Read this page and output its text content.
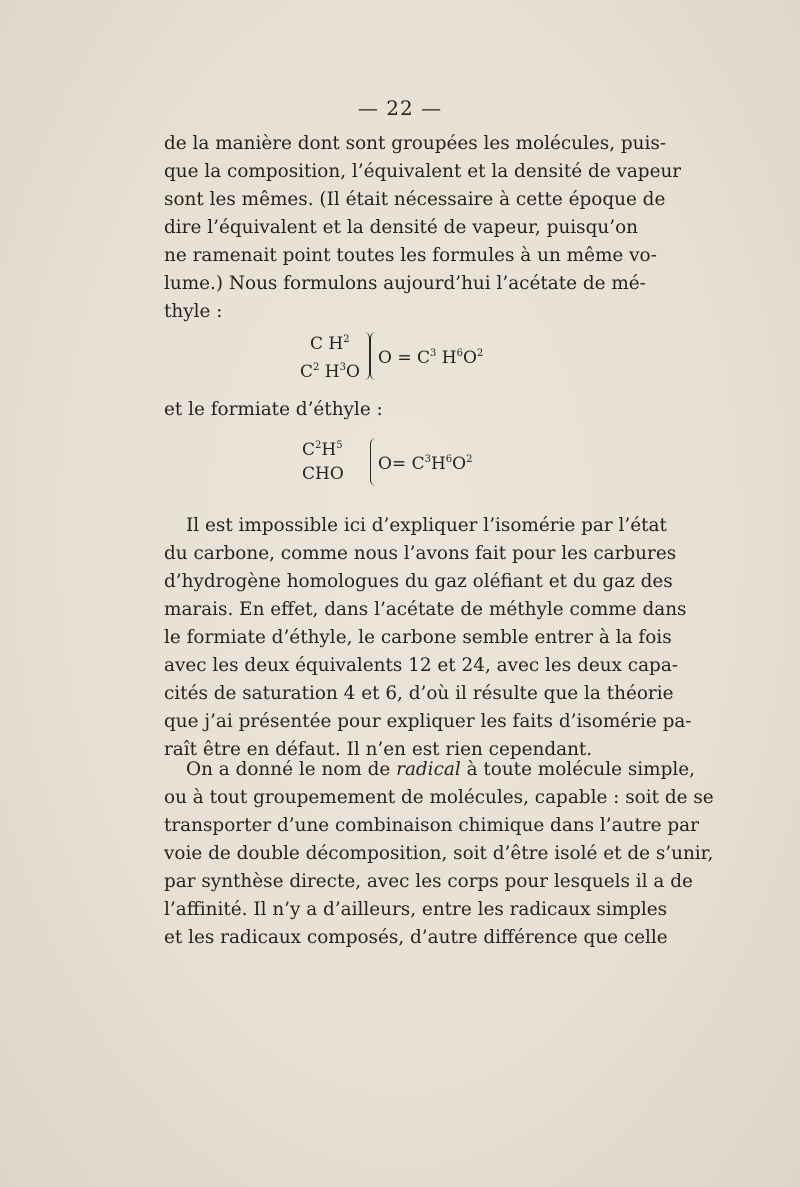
— 22 —
de la manière dont sont groupées les molécules, puis-
que la composition, l’équivalent et la densité de vapeur
sont les mêmes. (Il était nécessaire à cette époque de
dire l’équivalent et la densité de vapeur, puisqu’on
ne ramenait point toutes les formules à un même vo-
lume.) Nous formulons aujourd’hui l’acétate de mé-
thyle :
C $H^2$
$C^2$ $H^3O$
$O = C^3$ $H^6O^2$
et le formiate d’éthyle :
$C^2H^5$
CHO $O= C^3H^6O^2$
Il est impossible ici d’expliquer l’isomérie par l’état
du carbone, comme nous l’avons fait pour les carbures
d’hydrogène homologues du gaz oléfiant et du gaz des
marais. En effet, dans l’acétate de méthyle comme dans
le formiate d’éthyle, le carbone semble entrer à la fois
avec les deux équivalents 12 et 24, avec les deux capa-
cités de saturation 4 et 6, d’où il résulte que la théorie
que j’ai présentée pour expliquer les faits d’isomérie pa-
raît être en défaut. Il n’en est rien cependant.
On a donné le nom de radical à toute molécule simple,
ou à tout groupemement de molécules, capable : soit de se
transporter d’une combinaison chimique dans l’autre par
voie de double décomposition, soit d’être isolé et de s’unir,
par synthèse directe, avec les corps pour lesquels il a de
l’affinité. Il n’y a d’ailleurs, entre les radicaux simples
et les radicaux composés, d’autre différence que celle
